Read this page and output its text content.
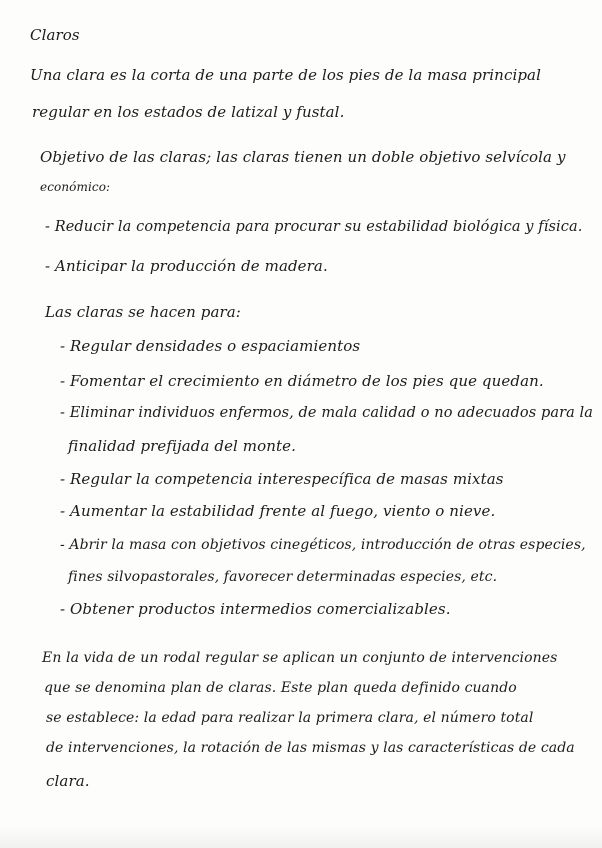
Claros
Una clara es la corta de una parte de los pies de la masa principal
regular en los estados de latizal y fustal.
Objetivo de las claras; las claras tienen un doble objetivo selvícola y
económico:
- Reducir la competencia para procurar su estabilidad biológica y física.
- Anticipar la producción de madera.
Las claras se hacen para:
- Regular densidades o espaciamientos
- Fomentar el crecimiento en diámetro de los pies que quedan.
- Eliminar individuos enfermos, de mala calidad o no adecuados para la
finalidad prefijada del monte.
- Regular la competencia interespecífica de masas mixtas
- Aumentar la estabilidad frente al fuego, viento o nieve.
- Abrir la masa con objetivos cinegéticos, introducción de otras especies,
fines silvopastorales, favorecer determinadas especies, etc.
- Obtener productos intermedios comercializables.
En la vida de un rodal regular se aplican un conjunto de intervenciones
que se denomina plan de claras. Este plan queda definido cuando
se establece: la edad para realizar la primera clara, el número total
de intervenciones, la rotación de las mismas y las características de cada
clara.
